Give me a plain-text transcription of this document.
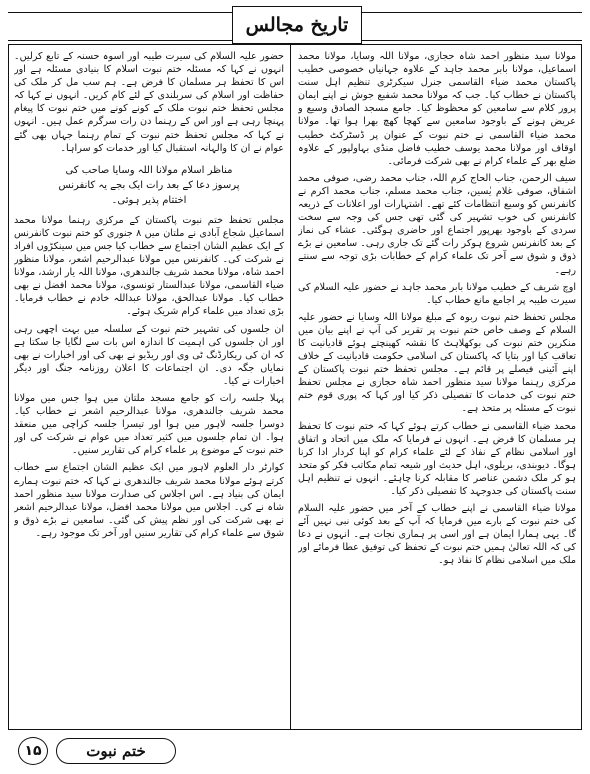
تاریخ مجالس

مولانا سید منظور احمد شاہ حجازی، مولانا اللہ وسایا، مولانا محمد اسماعیل، مولانا بابر محمد جاہد کے علاوہ جہانیاں خصوصی خطیب پاکستان محمد ضیاء القاسمی جنرل سیکرٹری تنظیم اہل سنت پاکستان نے خطاب کیا۔ جب کہ مولانا محمد شفیع جوش نے اپنے ایمان پرور کلام سے سامعین کو محظوظ کیا۔ جامع مسجد الصادق وسیع و عریض ہونے کے باوجود سامعین سے کھچا کھچ بھرا ہوا تھا۔ مولانا محمد ضیاء القاسمی نے ختم نبوت کے عنوان پر ڈسٹرکٹ خطیب اوقاف اور مولانا محمد یوسف خطیب فاضل منڈی بہاولپور کے علاوہ ضلع بھر کے علماء کرام نے بھی شرکت فرمائی۔

سیف الرحمن، جناب الحاج کرم اللہ، جناب محمد رضی، صوفی محمد اشفاق، صوفی غلام یٰسین، جناب محمد مسلم، جناب محمد اکرم نے کانفرنس کو وسیع انتظامات کئے تھے۔ اشتہارات اور اعلانات کے ذریعہ کانفرنس کی خوب تشہیر کی گئی تھی جس کی وجہ سے سخت سردی کے باوجود بھرپور اجتماع اور حاضری ہوگئی۔ عشاء کی نماز کے بعد کانفرنس شروع ہوکر رات گئے تک جاری رہی۔ سامعین نے بڑے ذوق و شوق سے آخر تک علماء کرام کے خطابات بڑی توجہ سے سنتے رہے۔

اوچ شریف کے خطیب مولانا بابر محمد جاہد نے حضور علیہ السلام کی سیرت طیبہ پر اجامع مانع خطاب کیا۔

مجلس تحفظ ختم نبوت ربوہ کے مبلغ مولانا اللہ وسایا نے حضور علیہ السلام کے وصف خاص ختم نبوت پر تقریر کی آپ نے اپنے بیان میں منکرین ختم نبوت کی بوکھلاہٹ کا نقشہ کھینچتے ہوئے قادیانیت کا تعاقب کیا اور بتایا کہ پاکستان کی اسلامی حکومت قادیانیت کے خلاف اپنے آئینی فیصلے پر قائم ہے۔ مجلس تحفظ ختم نبوت پاکستان کے مرکزی رہنما مولانا سید منظور احمد شاہ حجازی نے مجلس تحفظ ختم نبوت کی خدمات کا تفصیلی ذکر کیا اور کہا کہ پوری قوم ختم نبوت کے مسئلہ پر متحد ہے۔

محمد ضیاء القاسمی نے خطاب کرتے ہوئے کہا کہ ختم نبوت کا تحفظ ہر مسلمان کا فرض ہے۔ انہوں نے فرمایا کہ ملک میں اتحاد و اتفاق اور اسلامی نظام کے نفاذ کے لئے علماء کرام کو اپنا کردار ادا کرنا ہوگا۔ دیوبندی، بریلوی، اہل حدیث اور شیعہ تمام مکاتب فکر کو متحد ہو کر ملک دشمن عناصر کا مقابلہ کرنا چاہئے۔ انہوں نے تنظیم اہل سنت پاکستان کی جدوجہد کا تفصیلی ذکر کیا۔

مولانا ضیاء القاسمی نے اپنے خطاب کے آخر میں حضور علیہ السلام کی ختم نبوت کے بارے میں فرمایا کہ آپ کے بعد کوئی نبی نہیں آئے گا۔ یہی ہمارا ایمان ہے اور اسی پر ہماری نجات ہے۔ انہوں نے دعا کی کہ اللہ تعالیٰ ہمیں ختم نبوت کے تحفظ کی توفیق عطا فرمائے اور ملک میں اسلامی نظام کا نفاذ ہو۔

حضور علیہ السلام کی سیرت طیبہ اور اسوہ حسنہ کے تابع کرلیں۔ انہوں نے کہا کہ مسئلہ ختم نبوت اسلام کا بنیادی مسئلہ ہے اور اس کا تحفظ ہر مسلمان کا فرض ہے۔ ہم سب مل کر ملک کی حفاظت اور اسلام کی سربلندی کے لئے کام کریں۔ انہوں نے کہا کہ مجلس تحفظ ختم نبوت ملک کے کونے کونے میں ختم نبوت کا پیغام پہنچا رہی ہے اور اس کے رہنما دن رات سرگرم عمل ہیں۔ انہوں نے کہا کہ مجلس تحفظ ختم نبوت کے تمام رہنما جہاں بھی گئے عوام نے ان کا والہانہ استقبال کیا اور خدمات کو سراہا۔

مناظر اسلام مولانا اللہ وسایا صاحب کی
پرسوز دعا کے بعد رات ایک بجے یہ کانفرنس
اختتام پذیر ہوئی۔

مجلس تحفظ ختم نبوت پاکستان کے مرکزی رہنما مولانا محمد اسماعیل شجاع آبادی نے ملتان میں ۸ جنوری کو ختم نبوت کانفرنس کے ایک عظیم الشان اجتماع سے خطاب کیا جس میں سینکڑوں افراد نے شرکت کی۔ کانفرنس میں مولانا عبدالرحیم اشعر، مولانا منظور احمد شاہ، مولانا محمد شریف جالندھری، مولانا اللہ یار ارشد، مولانا ضیاء القاسمی، مولانا عبدالستار تونسوی، مولانا محمد افضل نے بھی خطاب کیا۔ مولانا عبدالحق، مولانا عبداللہ خادم نے خطاب فرمایا۔ بڑی تعداد میں علماء کرام شریک ہوئے۔

ان جلسوں کی تشہیر ختم نبوت کے سلسلہ میں بہت اچھی رہی اور ان جلسوں کی اہمیت کا اندازہ اس بات سے لگایا جا سکتا ہے کہ ان کی ریکارڈنگ ٹی وی اور ریڈیو نے بھی کی اور اخبارات نے بھی نمایاں جگہ دی۔ ان اجتماعات کا اعلان روزنامہ جنگ اور دیگر اخبارات نے کیا۔

پہلا جلسہ رات کو جامع مسجد ملتان میں ہوا جس میں مولانا محمد شریف جالندھری، مولانا عبدالرحیم اشعر نے خطاب کیا۔ دوسرا جلسہ لاہور میں ہوا اور تیسرا جلسہ کراچی میں منعقد ہوا۔ ان تمام جلسوں میں کثیر تعداد میں عوام نے شرکت کی اور ختم نبوت کے موضوع پر علماء کرام کی تقاریر سنیں۔

کوارٹر دار العلوم لاہور میں ایک عظیم الشان اجتماع سے خطاب کرتے ہوئے مولانا محمد شریف جالندھری نے کہا کہ ختم نبوت ہمارے ایمان کی بنیاد ہے۔ اس اجلاس کی صدارت مولانا سید منظور احمد شاہ نے کی۔ اجلاس میں مولانا محمد افضل، مولانا عبدالرحیم اشعر نے بھی شرکت کی اور نظم پیش کی گئی۔ سامعین نے بڑے ذوق و شوق سے علماء کرام کی تقاریر سنیں اور آخر تک موجود رہے۔

۱۵	ختم نبوت
